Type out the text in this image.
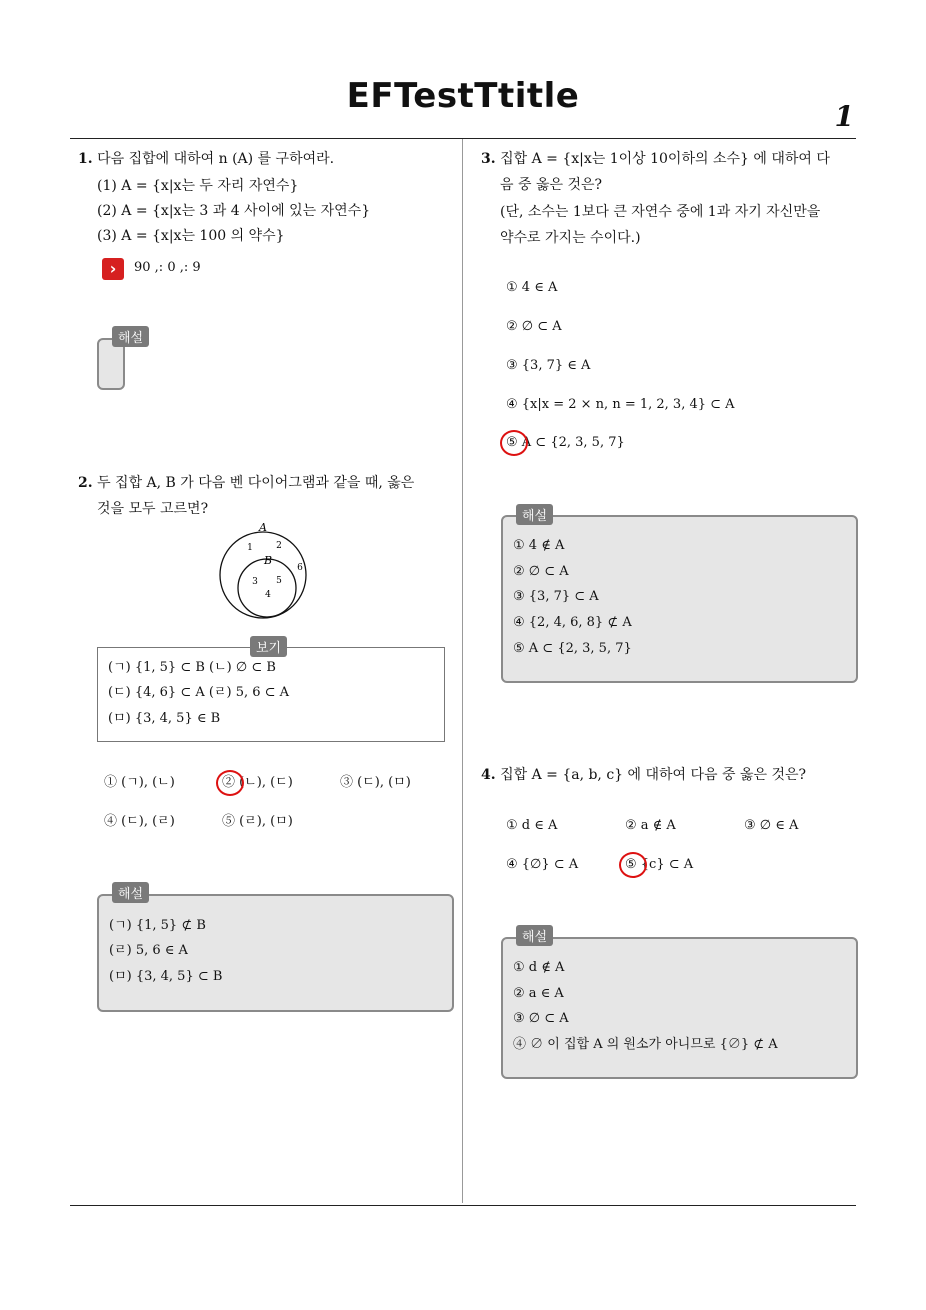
EFTestTtitle
1
1. 다음 집합에 대하여 n (A) 를 구하여라.
(1) A = {x|x는 두 자리 자연수}
(2) A = {x|x는 3 과 4 사이에 있는 자연수}
(3) A = {x|x는 100 의 약수}
›	90 ,: 0 ,: 9
해설
2. 두 집합 A, B 가 다음 벤 다이어그램과 같을 때, 옳은
것을 모두 고르면?
A
B
1	2
6
3 5
4
보기
(ㄱ) {1, 5} ⊂ B (ㄴ) ∅ ⊂ B
(ㄷ) {4, 6} ⊂ A (ㄹ) 5, 6 ⊂ A
(ㅁ) {3, 4, 5} ∈ B
① (ㄱ), (ㄴ)	② (ㄴ), (ㄷ)	③ (ㄷ), (ㅁ)
④ (ㄷ), (ㄹ)	⑤ (ㄹ), (ㅁ)
해설
(ㄱ) {1, 5} ⊄ B
(ㄹ) 5, 6 ∈ A
(ㅁ) {3, 4, 5} ⊂ B
3. 집합 A = {x|x는 1이상 10이하의 소수} 에 대하여 다
음 중 옳은 것은?
(단, 소수는 1보다 큰 자연수 중에 1과 자기 자신만을
약수로 가지는 수이다.)
① 4 ∈ A
② ∅ ⊂ A
③ {3, 7} ∈ A
④ {x|x = 2 × n, n = 1, 2, 3, 4} ⊂ A
⑤ A ⊂ {2, 3, 5, 7}
해설
① 4 ∉ A
② ∅ ⊂ A
③ {3, 7} ⊂ A
④ {2, 4, 6, 8} ⊄ A
⑤ A ⊂ {2, 3, 5, 7}
4. 집합 A = {a, b, c} 에 대하여 다음 중 옳은 것은?
① d ∈ A	② a ∉ A	③ ∅ ∈ A
④ {∅} ⊂ A	⑤ {c} ⊂ A
해설
① d ∉ A
② a ∈ A
③ ∅ ⊂ A
④ ∅ 이 집합 A 의 원소가 아니므로 {∅} ⊄ A
